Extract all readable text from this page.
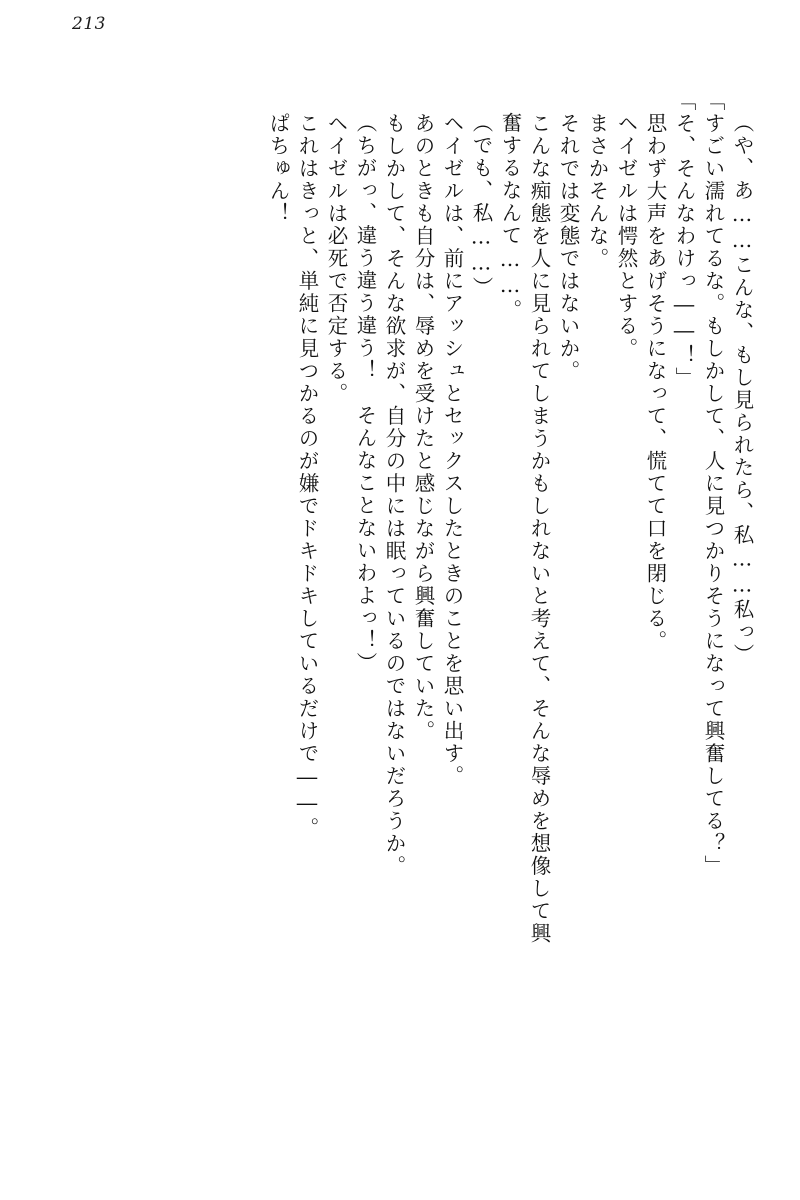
213
（や、あ……こんな、もし見られたら、私……私っ）
「すごい濡れてるな。もしかして、人に見つかりそうになって興奮してる？」
「そ、そんなわけっ――！」
　思わず大声をあげそうになって、慌てて口を閉じる。
　ヘイゼルは愕然とする。
　まさかそんな。
　それでは変態ではないか。
　こんな痴態を人に見られてしまうかもしれないと考えて、そんな辱めを想像して興
奮するなんて……。
（でも、私……）
　ヘイゼルは、前にアッシュとセックスしたときのことを思い出す。
　あのときも自分は、辱めを受けたと感じながら興奮していた。
　もしかして、そんな欲求が、自分の中には眠っているのではないだろうか。
（ちがっ、違う違う違う！　そんなことないわよっ！）
　ヘイゼルは必死で否定する。
　これはきっと、単純に見つかるのが嫌でドキドキしているだけで――。
　ぱちゅん！
